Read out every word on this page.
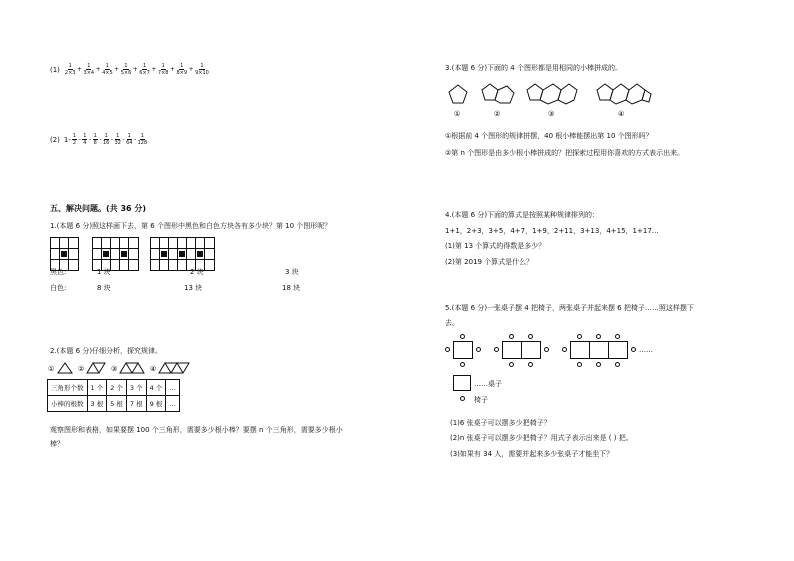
$(1) \frac{1}{2\times 3} + \frac{1}{3\times 4} + \frac{1}{4\times 5} + \frac{1}{5\times 6} + \frac{1}{6\times 7} + \frac{1}{7\times 8} + \frac{1}{8\times 9} + \frac{1}{9\times 10}$
(2) $1- \frac{1}{2} - \frac{1}{4} - \frac{1}{8} - \frac{1}{16} - \frac{1}{32} - \frac{1}{64} - \frac{1}{128}$
五、解决问题。(共 36 分)
1.(本题 6 分)照这样画下去，第 6 个图形中黑色和白色方块各有多少块？第 10 个图形呢？
黑色:	1 块	2 块	3 块
白色:	8 块	13 块	18 块
2.(本题 6 分)仔细分析，探究规律。
①	②	③	④
三角形个数	1 个	2 个	3 个	4 个	…
小棒的根数	3 根	5 根	7 根	9 根	…
观察图形和表格，如果要摆 100 个三角形，需要多少根小棒？要摆 n 个三角形，需要多少根小
棒？
3.(本题 6 分)下面的 4 个图形都是用相同的小棒拼成的。
①	②	③	④
①根据前 4 个图形的规律拼摆，40 根小棒能摆出第 10 个图形吗？
②第 n 个图形是由多少根小棒拼成的？把探索过程用你喜欢的方式表示出来。
4.(本题 6 分)下面的算式是按照某种规律排列的：
1+1，2+3，3+5，4+7，1+9，2+11，3+13，4+15，1+17…
(1)第 13 个算式的得数是多少？
(2)第 2019 个算式是什么？
5.(本题 6 分)一张桌子摆 4 把椅子，两张桌子并起来摆 6 把椅子……照这样摆下
去。
……
……桌子
椅子
(1)6 张桌子可以摆多少把椅子？
(2)n 张桌子可以摆多少把椅子？用式子表示出来是 ( ) 把。
(3)如果有 34 人，需要并起来多少张桌子才能坐下？
